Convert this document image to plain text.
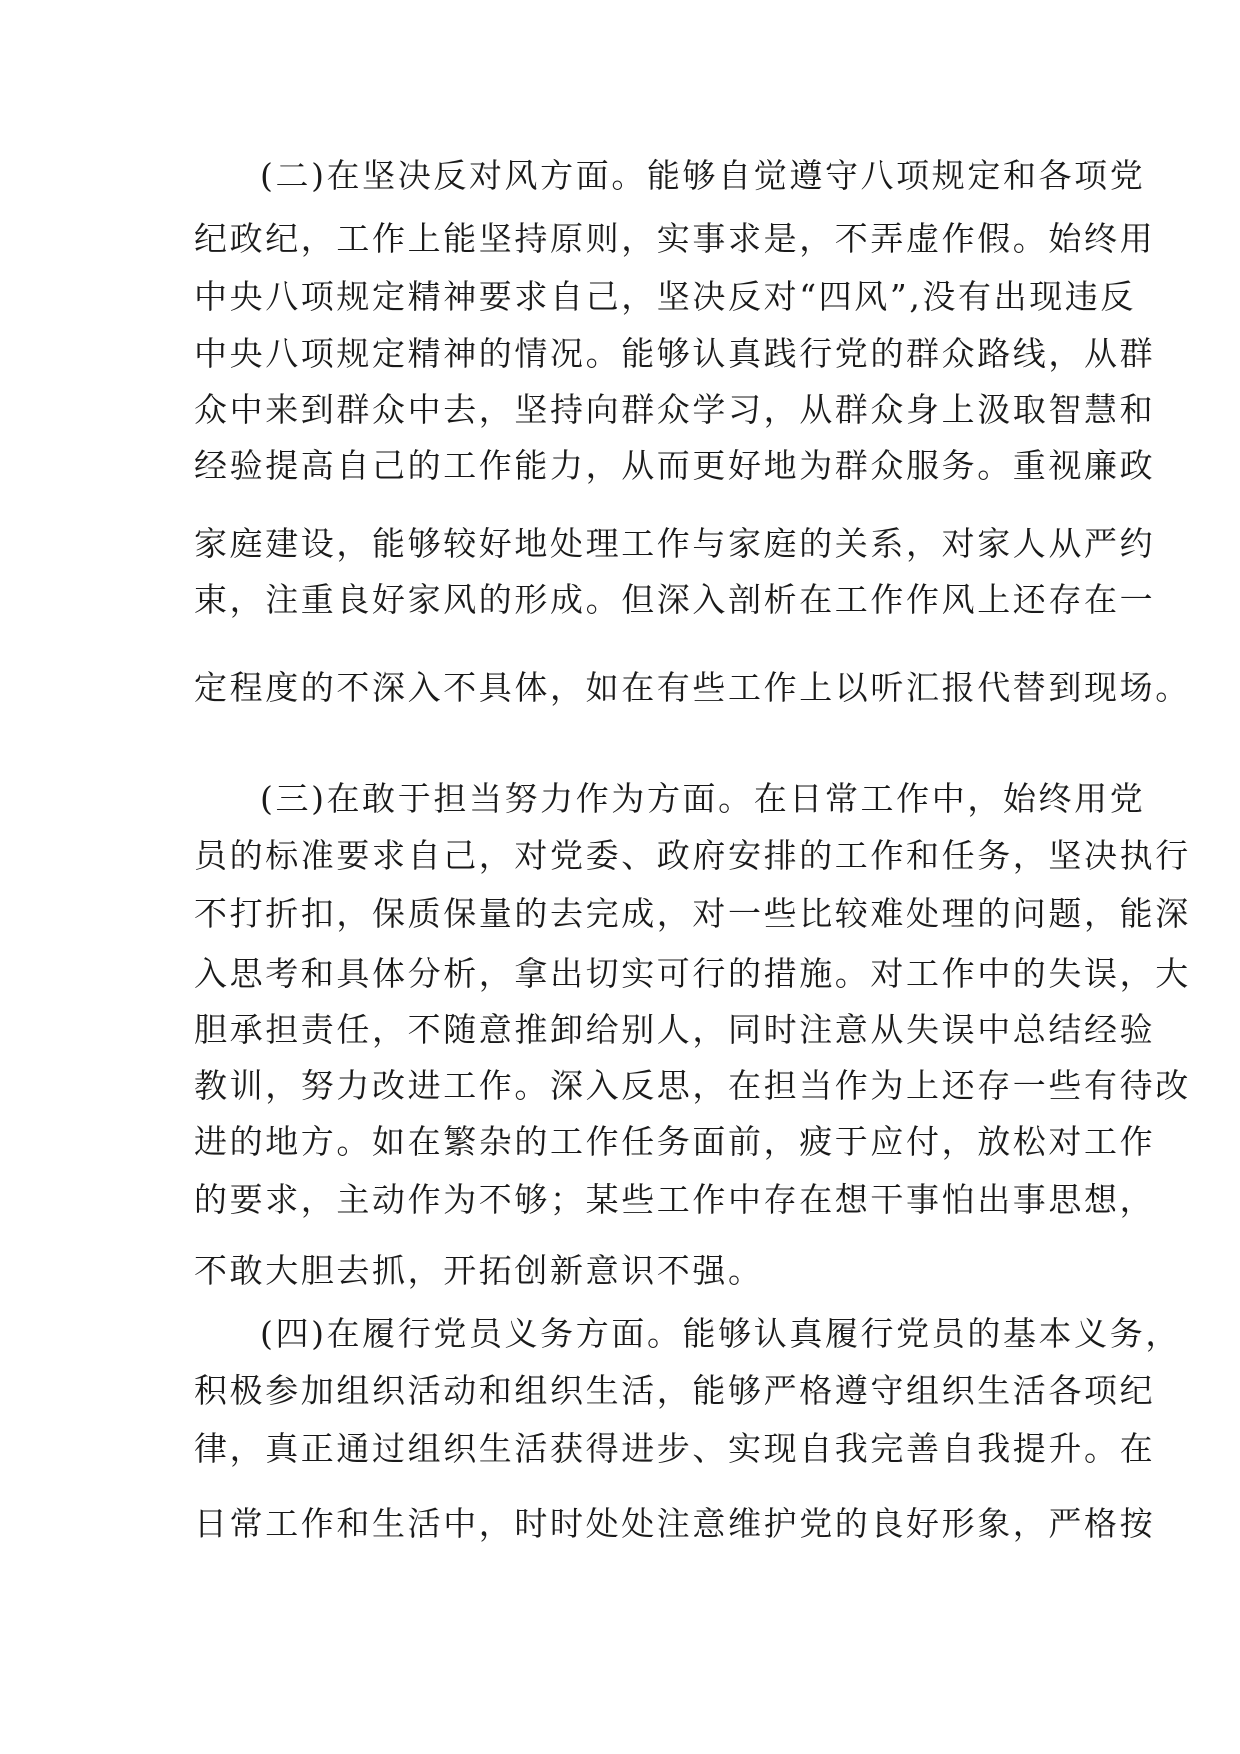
(二)在坚决反对风方面。能够自觉遵守八项规定和各项党
纪政纪，工作上能坚持原则，实事求是，不弄虚作假。始终用
中央八项规定精神要求自己，坚决反对“四风”,没有出现违反
中央八项规定精神的情况。能够认真践行党的群众路线，从群
众中来到群众中去，坚持向群众学习，从群众身上汲取智慧和
经验提高自己的工作能力，从而更好地为群众服务。重视廉政
家庭建设，能够较好地处理工作与家庭的关系，对家人从严约
束，注重良好家风的形成。但深入剖析在工作作风上还存在一
定程度的不深入不具体，如在有些工作上以听汇报代替到现场。
(三)在敢于担当努力作为方面。在日常工作中，始终用党
员的标准要求自己，对党委、政府安排的工作和任务，坚决执行
不打折扣，保质保量的去完成，对一些比较难处理的问题，能深
入思考和具体分析，拿出切实可行的措施。对工作中的失误，大
胆承担责任，不随意推卸给别人，同时注意从失误中总结经验
教训，努力改进工作。深入反思，在担当作为上还存一些有待改
进的地方。如在繁杂的工作任务面前，疲于应付，放松对工作
的要求，主动作为不够；某些工作中存在想干事怕出事思想，
不敢大胆去抓，开拓创新意识不强。
(四)在履行党员义务方面。能够认真履行党员的基本义务，
积极参加组织活动和组织生活，能够严格遵守组织生活各项纪
律，真正通过组织生活获得进步、实现自我完善自我提升。在
日常工作和生活中，时时处处注意维护党的良好形象，严格按
